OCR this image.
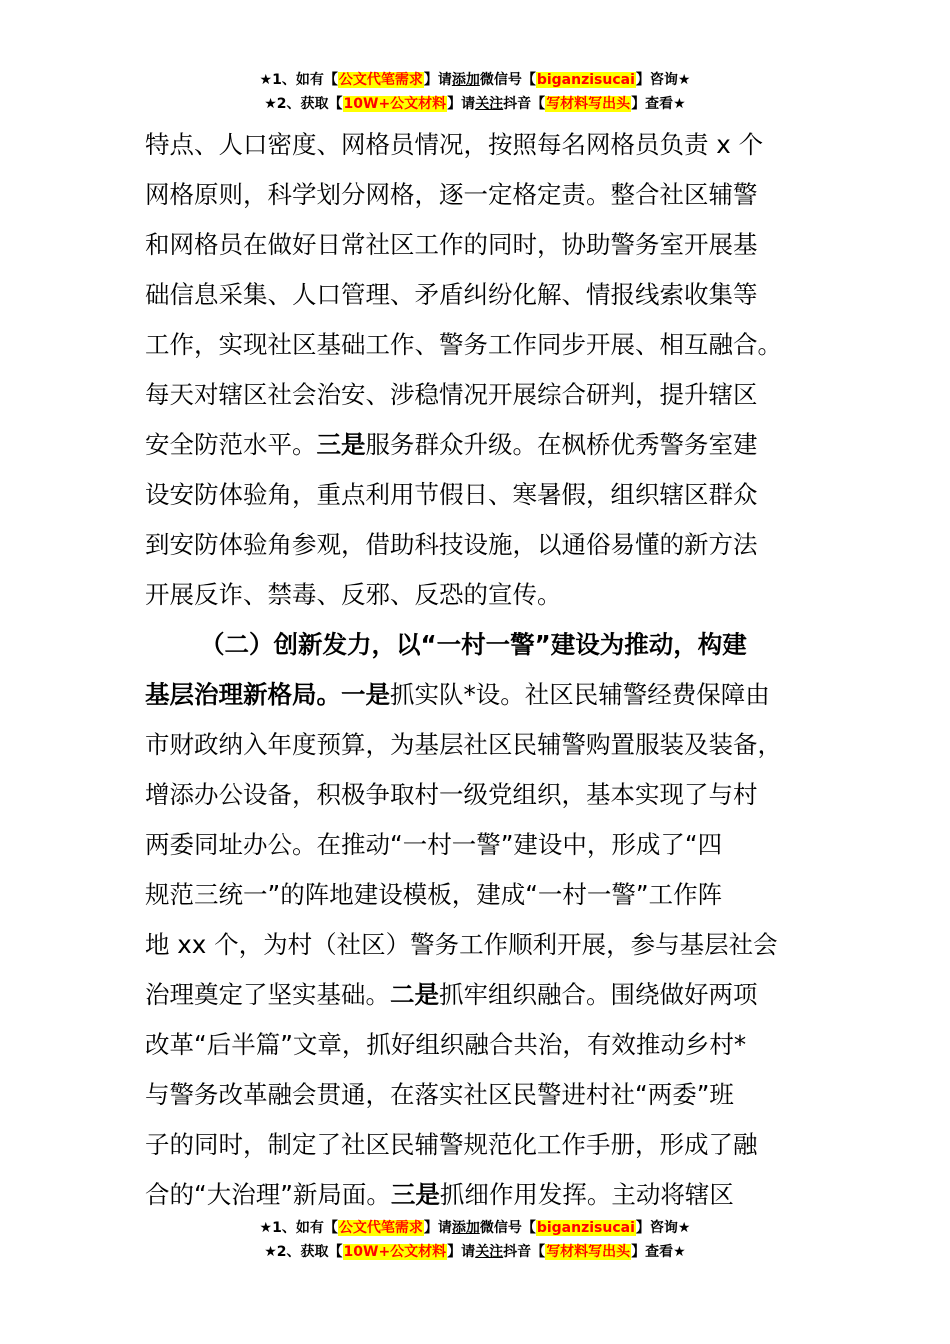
★1、如有【公文代笔需求】请添加微信号【biganzisucai】咨询★
★2、获取【10W+公文材料】请关注抖音【写材料写出头】查看★
特点、人口密度、网格员情况，按照每名网格员负责 x 个
网格原则，科学划分网格，逐一定格定责。整合社区辅警
和网格员在做好日常社区工作的同时，协助警务室开展基
础信息采集、人口管理、矛盾纠纷化解、情报线索收集等
工作，实现社区基础工作、警务工作同步开展、相互融合。
每天对辖区社会治安、涉稳情况开展综合研判，提升辖区
安全防范水平。三是服务群众升级。在枫桥优秀警务室建
设安防体验角，重点利用节假日、寒暑假，组织辖区群众
到安防体验角参观，借助科技设施，以通俗易懂的新方法
开展反诈、禁毒、反邪、反恐的宣传。
（二）创新发力，以“一村一警”建设为推动，构建
基层治理新格局。一是抓实队*设。社区民辅警经费保障由
市财政纳入年度预算，为基层社区民辅警购置服装及装备，
增添办公设备，积极争取村一级党组织，基本实现了与村
两委同址办公。在推动“一村一警”建设中，形成了“四
规范三统一”的阵地建设模板，建成“一村一警”工作阵
地 xx 个，为村（社区）警务工作顺利开展，参与基层社会
治理奠定了坚实基础。二是抓牢组织融合。围绕做好两项
改革“后半篇”文章，抓好组织融合共治，有效推动乡村*
与警务改革融会贯通，在落实社区民警进村社“两委”班
子的同时，制定了社区民辅警规范化工作手册，形成了融
合的“大治理”新局面。三是抓细作用发挥。主动将辖区
★1、如有【公文代笔需求】请添加微信号【biganzisucai】咨询★
★2、获取【10W+公文材料】请关注抖音【写材料写出头】查看★
